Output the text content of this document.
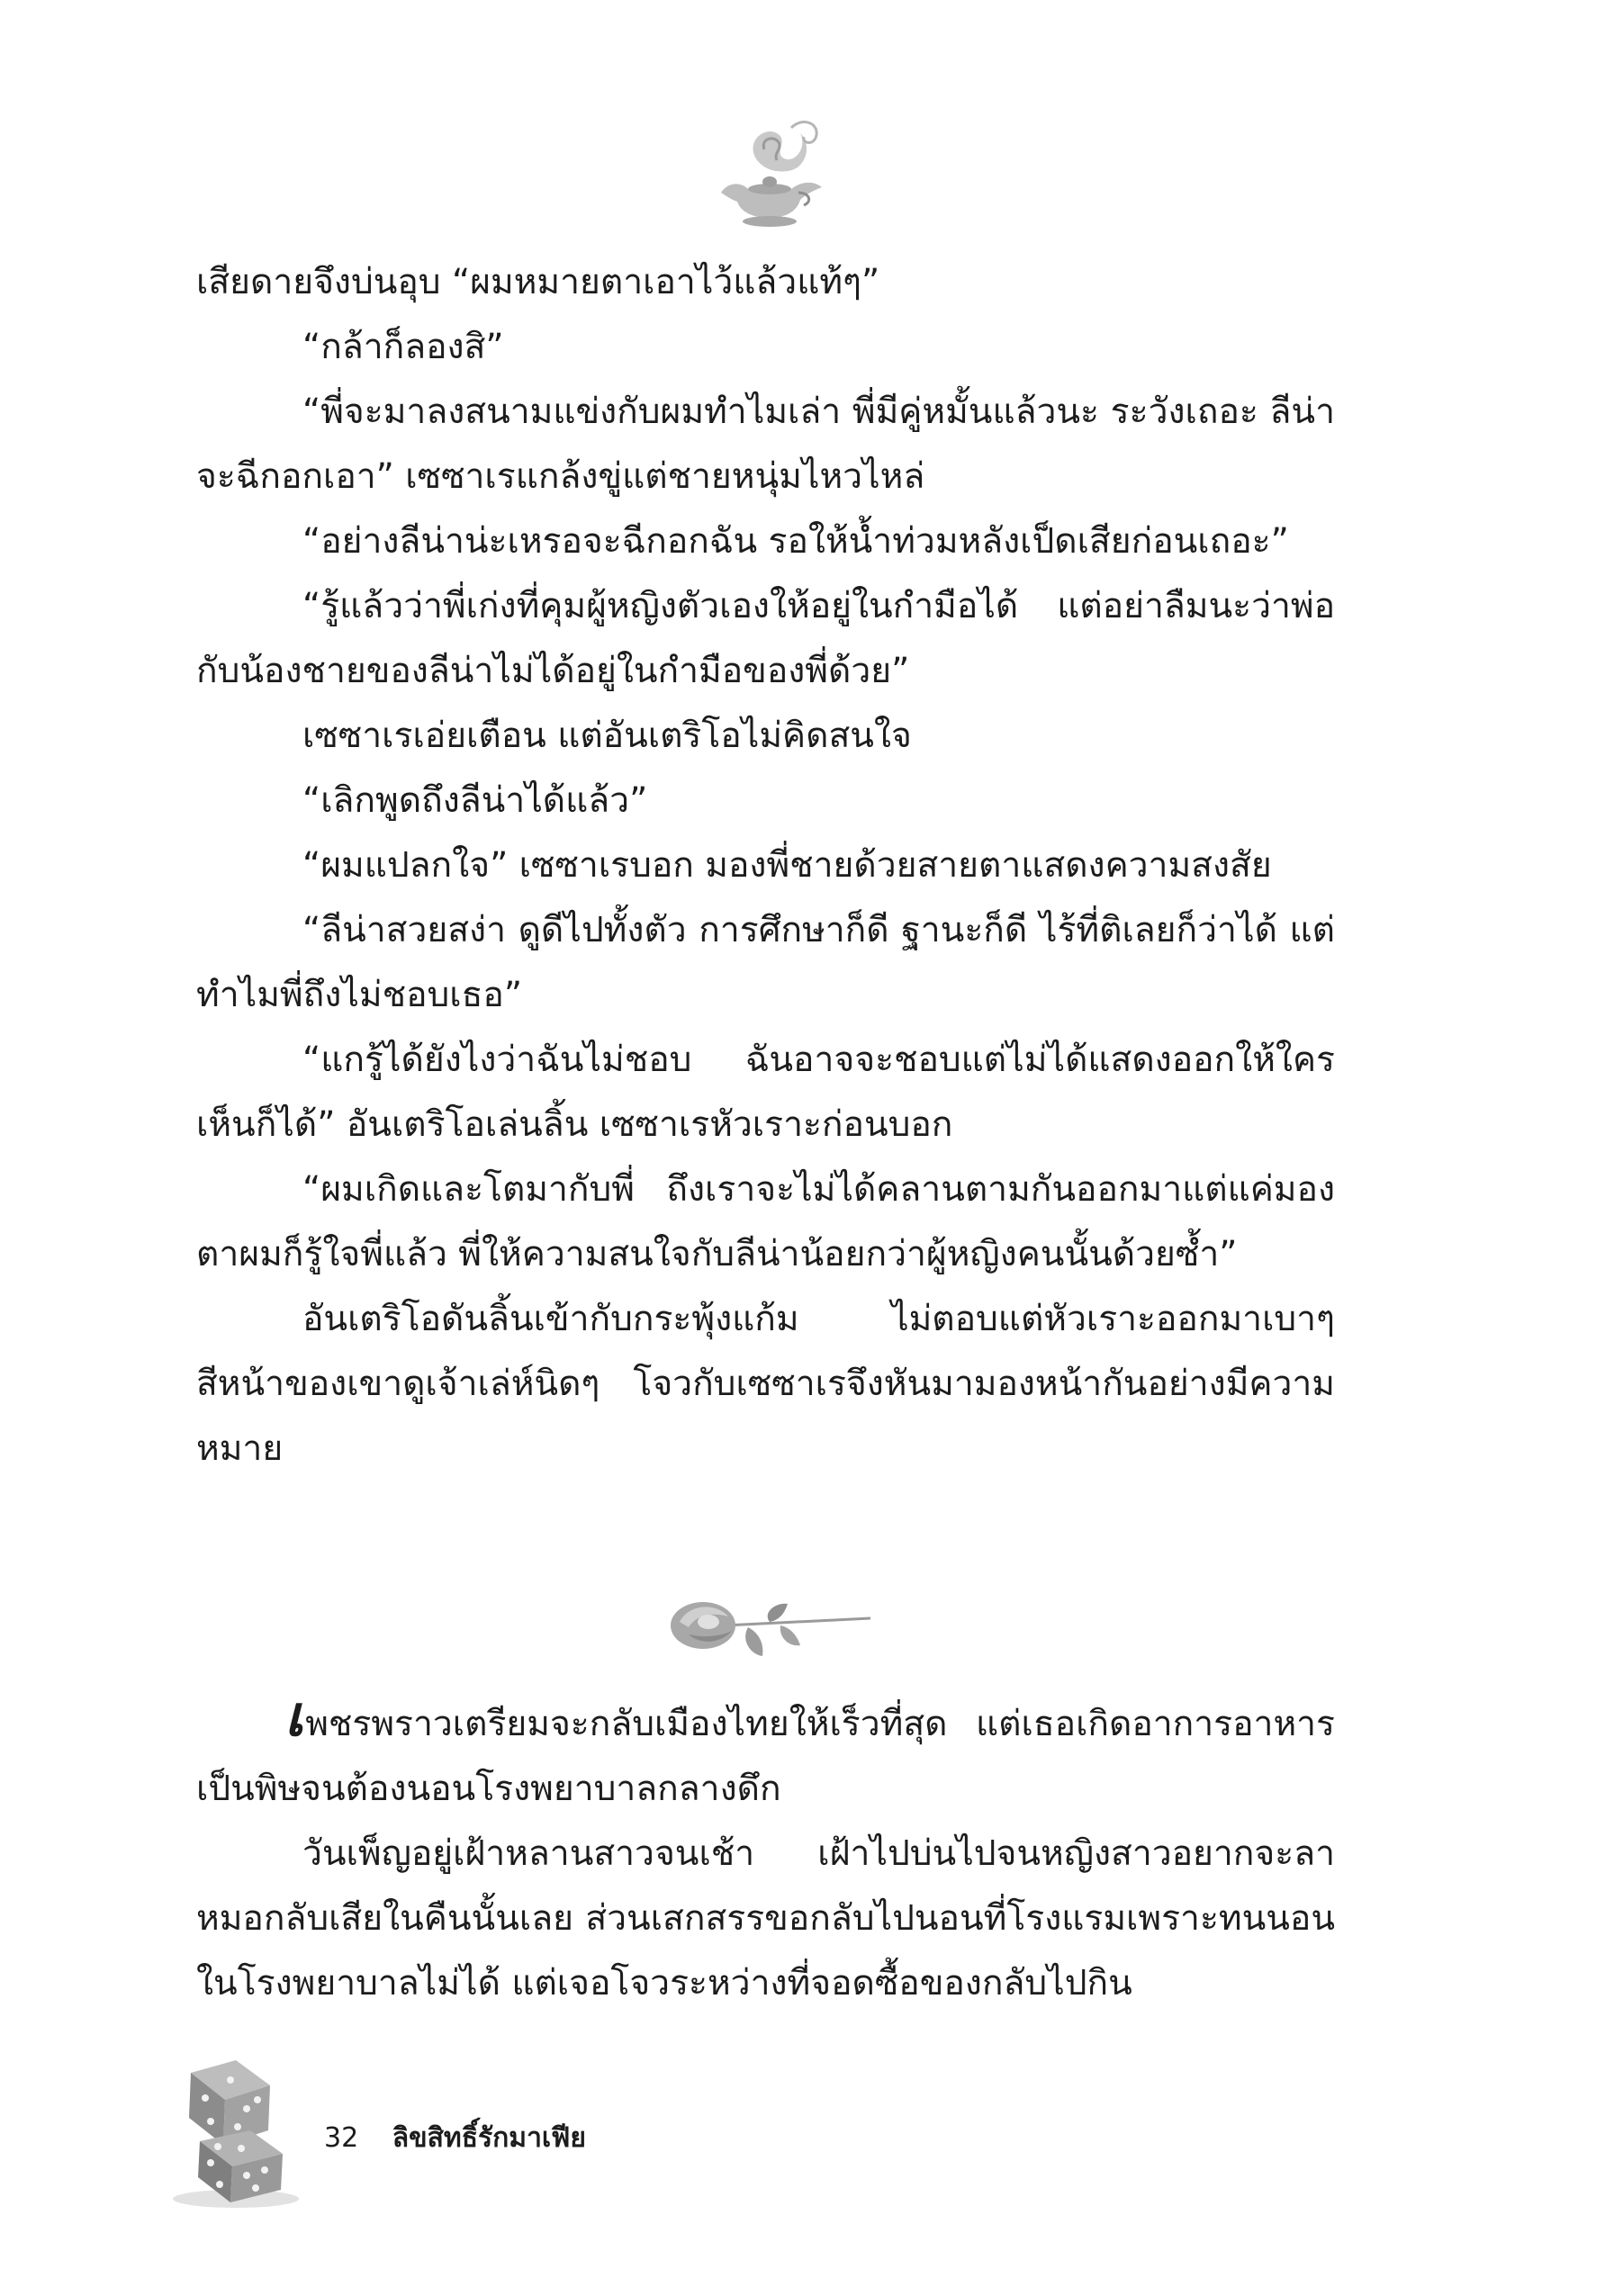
เสียดายจึงบ่นอุบ “ผมหมายตาเอาไว้แล้วแท้ๆ”

“กล้าก็ลองสิ”

“พี่จะมาลงสนามแข่งกับผมทำไมเล่า พี่มีคู่หมั้นแล้วนะ ระวังเถอะ ลีน่าจะฉีกอกเอา” เซซาเรแกล้งขู่แต่ชายหนุ่มไหวไหล่

“อย่างลีน่าน่ะเหรอจะฉีกอกฉัน รอให้น้ำท่วมหลังเป็ดเสียก่อนเถอะ”

“รู้แล้วว่าพี่เก่งที่คุมผู้หญิงตัวเองให้อยู่ในกำมือได้ แต่อย่าลืมนะว่าพ่อกับน้องชายของลีน่าไม่ได้อยู่ในกำมือของพี่ด้วย”

เซซาเรเอ่ยเตือน แต่อันเตริโอไม่คิดสนใจ

“เลิกพูดถึงลีน่าได้แล้ว”

“ผมแปลกใจ” เซซาเรบอก มองพี่ชายด้วยสายตาแสดงความสงสัย

“ลีน่าสวยสง่า ดูดีไปทั้งตัว การศึกษาก็ดี ฐานะก็ดี ไร้ที่ติเลยก็ว่าได้ แต่ทำไมพี่ถึงไม่ชอบเธอ”

“แกรู้ได้ยังไงว่าฉันไม่ชอบ ฉันอาจจะชอบแต่ไม่ได้แสดงออกให้ใครเห็นก็ได้” อันเตริโอเล่นลิ้น เซซาเรหัวเราะก่อนบอก

“ผมเกิดและโตมากับพี่ ถึงเราจะไม่ได้คลานตามกันออกมาแต่แค่มองตาผมก็รู้ใจพี่แล้ว พี่ให้ความสนใจกับลีน่าน้อยกว่าผู้หญิงคนนั้นด้วยซ้ำ”

อันเตริโอดันลิ้นเข้ากับกระพุ้งแก้ม ไม่ตอบแต่หัวเราะออกมาเบาๆ สีหน้าของเขาดูเจ้าเล่ห์นิดๆ โจวกับเซซาเรจึงหันมามองหน้ากันอย่างมีความหมาย

เพชรพราวเตรียมจะกลับเมืองไทยให้เร็วที่สุด แต่เธอเกิดอาการอาหารเป็นพิษจนต้องนอนโรงพยาบาลกลางดึก

วันเพ็ญอยู่เฝ้าหลานสาวจนเช้า เฝ้าไปบ่นไปจนหญิงสาวอยากจะลาหมอกลับเสียในคืนนั้นเลย ส่วนเสกสรรขอกลับไปนอนที่โรงแรมเพราะทนนอนในโรงพยาบาลไม่ได้ แต่เจอโจวระหว่างที่จอดซื้อของกลับไปกิน

32 ลิขสิทธิ์รักมาเฟีย
